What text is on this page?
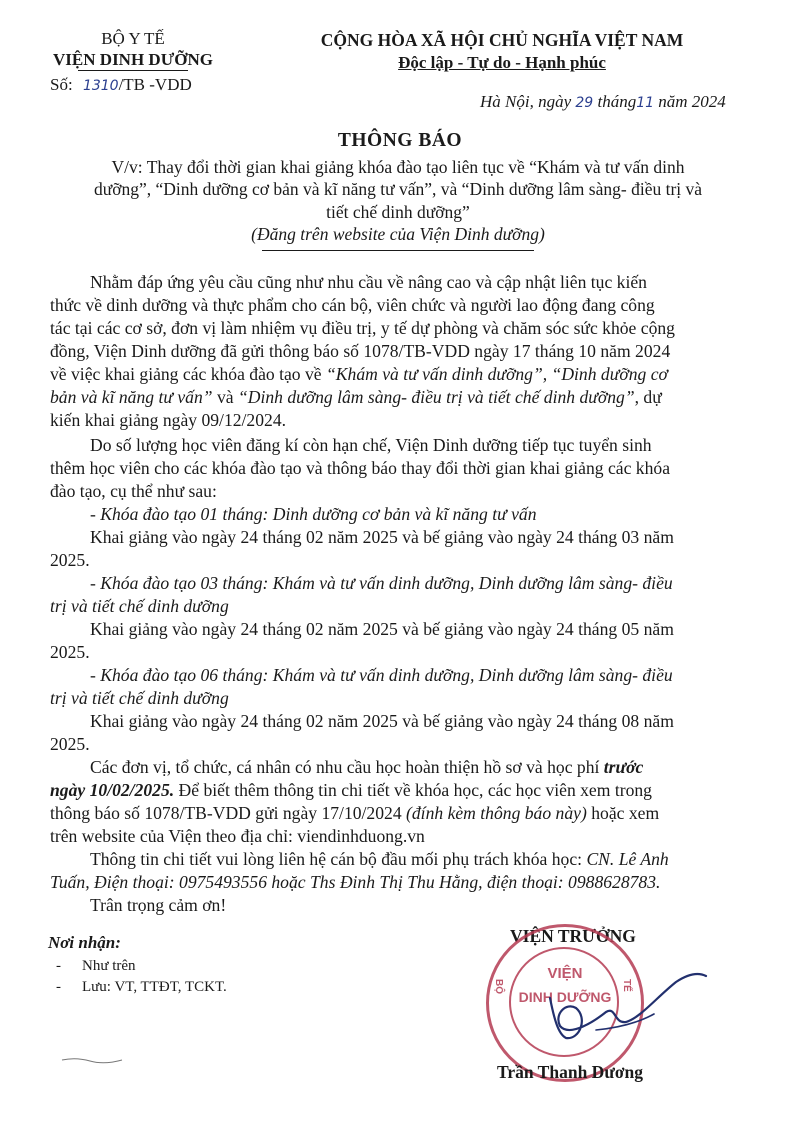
BỘ Y TẾ
VIỆN DINH DƯỠNG
Số: 1310/TB -VDD
CỘNG HÒA XÃ HỘI CHỦ NGHĨA VIỆT NAM
Độc lập - Tự do - Hạnh phúc
Hà Nội, ngày 29 tháng11 năm 2024
THÔNG BÁO
V/v: Thay đổi thời gian khai giảng khóa đào tạo liên tục về “Khám và tư vấn dinh
dưỡng”, “Dinh dưỡng cơ bản và kĩ năng tư vấn”, và “Dinh dưỡng lâm sàng- điều trị và
tiết chế dinh dưỡng”
(Đăng trên website của Viện Dinh dưỡng)
Nhằm đáp ứng yêu cầu cũng như nhu cầu về nâng cao và cập nhật liên tục kiến
thức về dinh dưỡng và thực phẩm cho cán bộ, viên chức và người lao động đang công
tác tại các cơ sở, đơn vị làm nhiệm vụ điều trị, y tế dự phòng và chăm sóc sức khỏe cộng
đồng, Viện Dinh dưỡng đã gửi thông báo số 1078/TB-VDD ngày 17 tháng 10 năm 2024
về việc khai giảng các khóa đào tạo về “Khám và tư vấn dinh dưỡng”, “Dinh dưỡng cơ
bản và kĩ năng tư vấn” và “Dinh dưỡng lâm sàng- điều trị và tiết chế dinh dưỡng”, dự
kiến khai giảng ngày 09/12/2024.
Do số lượng học viên đăng kí còn hạn chế, Viện Dinh dưỡng tiếp tục tuyển sinh
thêm học viên cho các khóa đào tạo và thông báo thay đổi thời gian khai giảng các khóa
đào tạo, cụ thể như sau:
- Khóa đào tạo 01 tháng: Dinh dưỡng cơ bản và kĩ năng tư vấn
Khai giảng vào ngày 24 tháng 02 năm 2025 và bế giảng vào ngày 24 tháng 03 năm
2025.
- Khóa đào tạo 03 tháng: Khám và tư vấn dinh dưỡng, Dinh dưỡng lâm sàng- điều
trị và tiết chế dinh dưỡng
Khai giảng vào ngày 24 tháng 02 năm 2025 và bế giảng vào ngày 24 tháng 05 năm
2025.
- Khóa đào tạo 06 tháng: Khám và tư vấn dinh dưỡng, Dinh dưỡng lâm sàng- điều
trị và tiết chế dinh dưỡng
Khai giảng vào ngày 24 tháng 02 năm 2025 và bế giảng vào ngày 24 tháng 08 năm
2025.
Các đơn vị, tổ chức, cá nhân có nhu cầu học hoàn thiện hồ sơ và học phí trước
ngày 10/02/2025. Để biết thêm thông tin chi tiết về khóa học, các học viên xem trong
thông báo số 1078/TB-VDD gửi ngày 17/10/2024 (đính kèm thông báo này) hoặc xem
trên website của Viện theo địa chỉ: viendinhduong.vn
Thông tin chi tiết vui lòng liên hệ cán bộ đầu mối phụ trách khóa học: CN. Lê Anh
Tuấn, Điện thoại: 0975493556 hoặc Ths Đinh Thị Thu Hằng, điện thoại: 0988628783.
Trân trọng cảm ơn!
Nơi nhận:
- Như trên
- Lưu: VT, TTĐT, TCKT.
VIỆN TRƯỞNG
VIỆN
DINH DƯỠNG
BỘ	TẾ
Trần Thanh Dương
